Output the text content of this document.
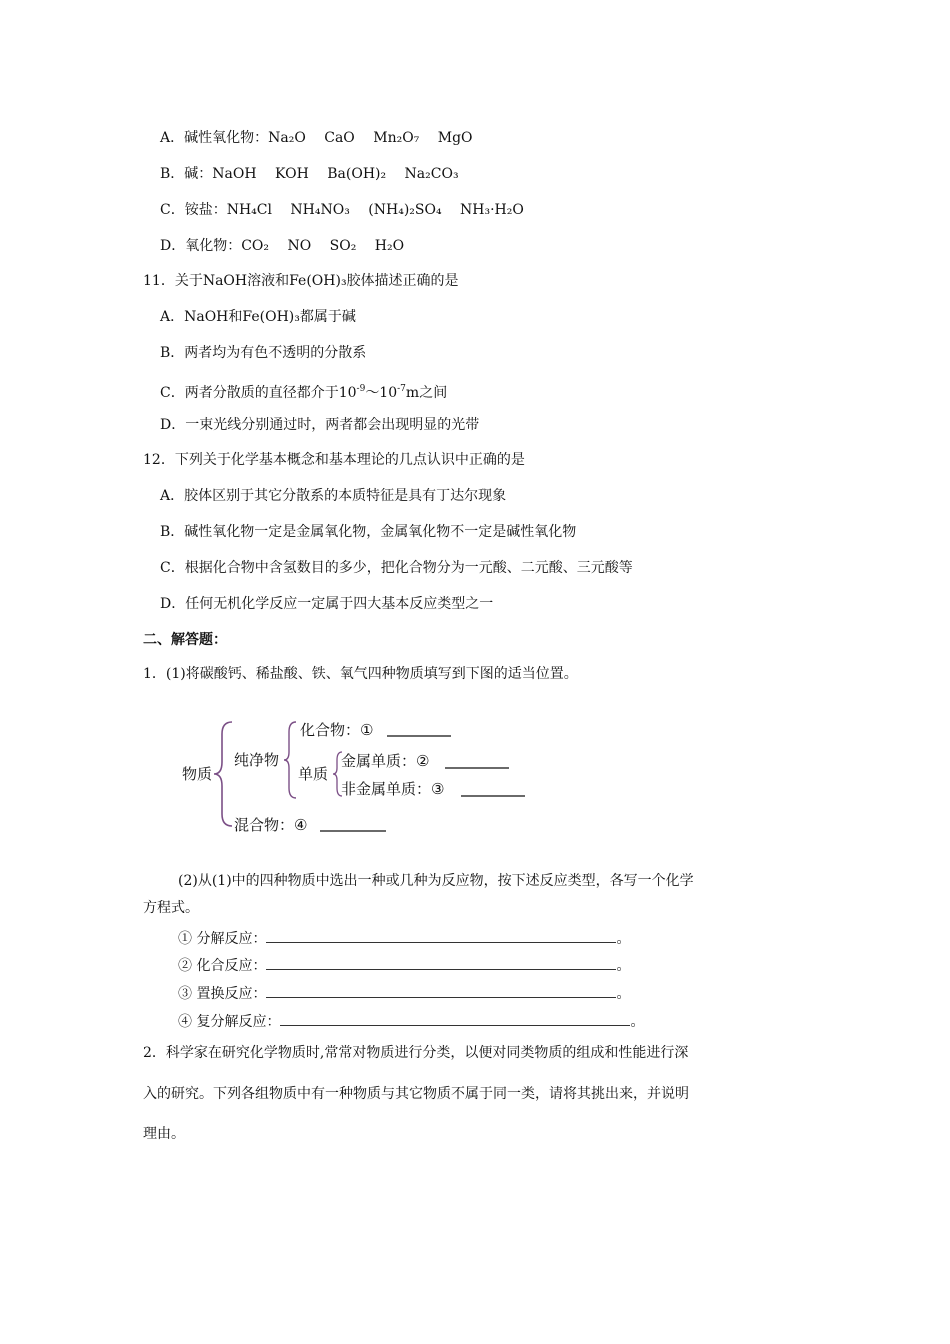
A．碱性氧化物：Na₂O　 CaO　 Mn₂O₇　 MgO
B．碱：NaOH　 KOH　 Ba(OH)₂　 Na₂CO₃
C．铵盐：NH₄Cl　 NH₄NO₃　 (NH₄)₂SO₄　 NH₃·H₂O
D．氧化物：CO₂　 NO　 SO₂　 H₂O
11．关于NaOH溶液和Fe(OH)₃胶体描述正确的是
A．NaOH和Fe(OH)₃都属于碱
B．两者均为有色不透明的分散系
C．两者分散质的直径都介于$10^{-9}\sim 10^{-7}m$之间
D．一束光线分别通过时，两者都会出现明显的光带
12．下列关于化学基本概念和基本理论的几点认识中正确的是
A．胶体区别于其它分散系的本质特征是具有丁达尔现象
B．碱性氧化物一定是金属氧化物，金属氧化物不一定是碱性氧化物
C．根据化合物中含氢数目的多少，把化合物分为一元酸、二元酸、三元酸等
D．任何无机化学反应一定属于四大基本反应类型之一
二、解答题：
1．(1)将碳酸钙、稀盐酸、铁、氧气四种物质填写到下图的适当位置。
物质
纯净物
化合物：①
单质
金属单质：②
非金属单质：③
混合物：④
(2)从(1)中的四种物质中选出一种或几种为反应物，按下述反应类型，各写一个化学
方程式。
① 分解反应：	。
② 化合反应：	。
③ 置换反应：	。
④ 复分解反应：	。
2．科学家在研究化学物质时,常常对物质进行分类，以便对同类物质的组成和性能进行深
入的研究。下列各组物质中有一种物质与其它物质不属于同一类，请将其挑出来，并说明
理由。
